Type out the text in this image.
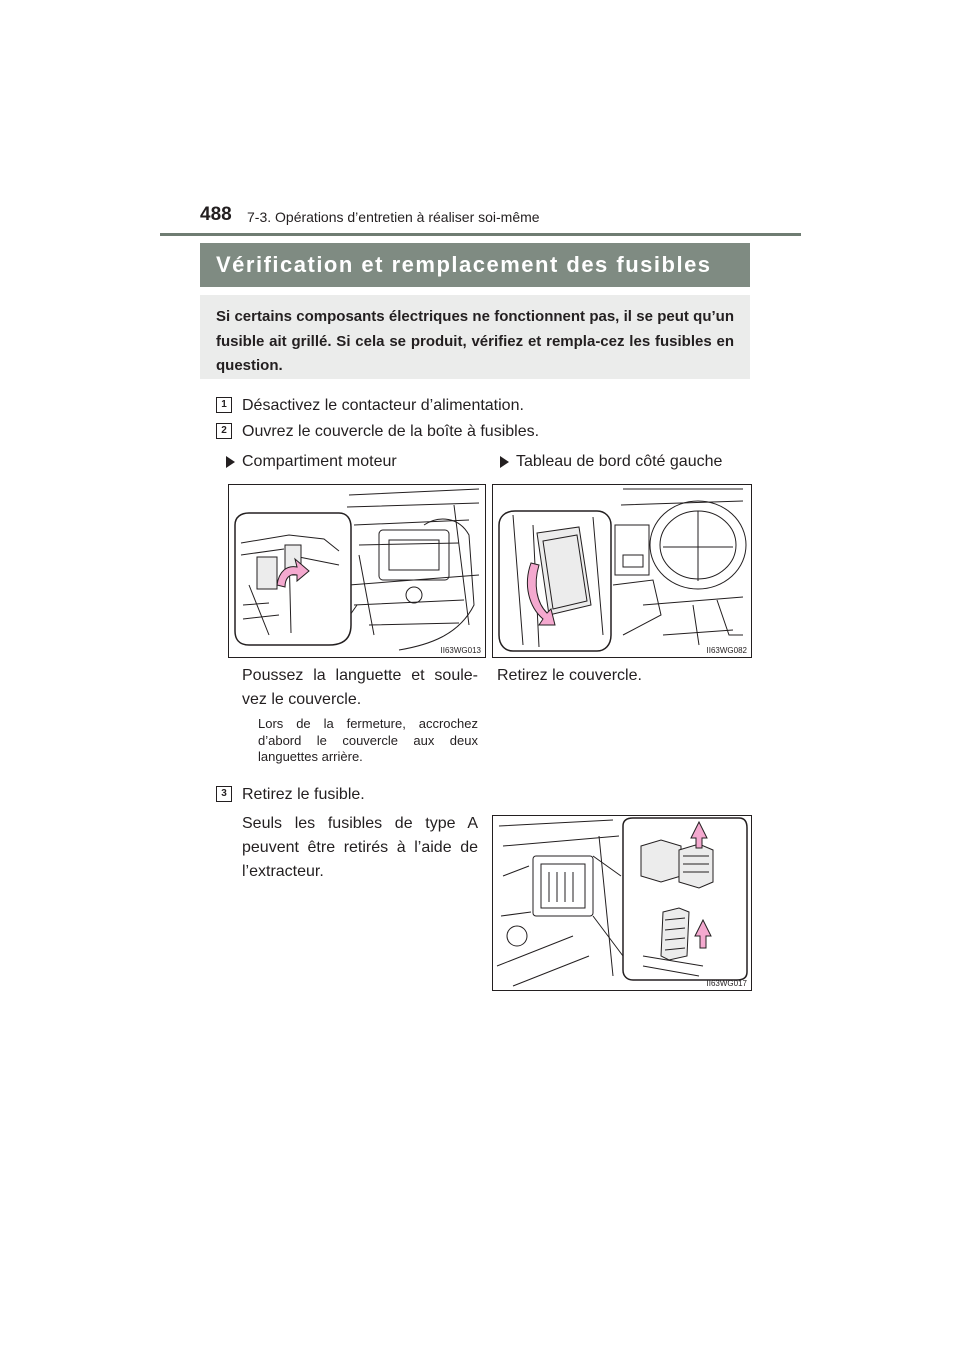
488 7-3. Opérations d’entretien à réaliser soi-même
Vérification et remplacement des fusibles
Si certains composants électriques ne fonctionnent pas, il se peut qu’un fusible ait grillé. Si cela se produit, vérifiez et rempla-cez les fusibles en question.
1 Désactivez le contacteur d’alimentation.
2 Ouvrez le couvercle de la boîte à fusibles.
Compartiment moteur	Tableau de bord côté gauche
II63WG013	II63WG082
Poussez la languette et soule-vez le couvercle.
Lors de la fermeture, accrochez d’abord le couvercle aux deux languettes arrière.
Retirez le couvercle.
3 Retirez le fusible.
Seuls les fusibles de type A peuvent être retirés à l’aide de l’extracteur.
II63WG017
